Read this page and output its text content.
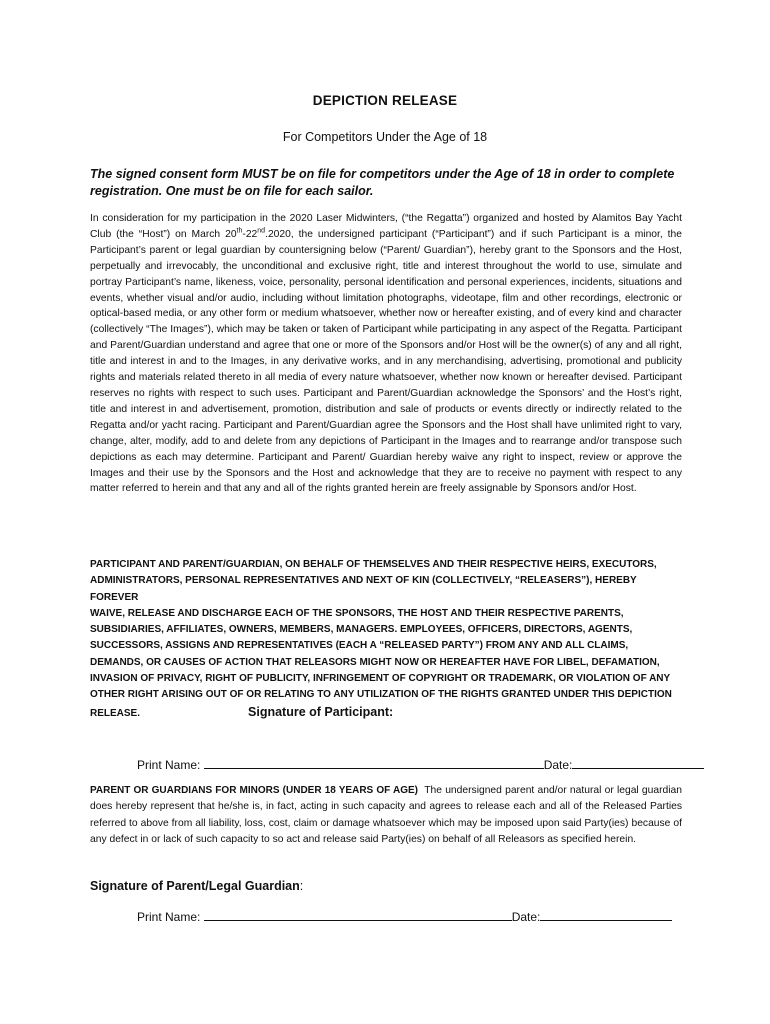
DEPICTION RELEASE
For Competitors Under the Age of 18
The signed consent form MUST be on file for competitors under the Age of 18 in order to complete registration. One must be on file for each sailor.
In consideration for my participation in the 2020 Laser Midwinters, (“the Regatta”) organized and hosted by Alamitos Bay Yacht Club (the “Host”) on March 20th-22nd.2020, the undersigned participant (“Participant”) and if such Participant is a minor, the Participant’s parent or legal guardian by countersigning below (“Parent/ Guardian”), hereby grant to the Sponsors and the Host, perpetually and irrevocably, the unconditional and exclusive right, title and interest throughout the world to use, simulate and portray Participant’s name, likeness, voice, personality, personal identification and personal experiences, incidents, situations and events, whether visual and/or audio, including without limitation photographs, videotape, film and other recordings, electronic or optical-based media, or any other form or medium whatsoever, whether now or hereafter existing, and of every kind and character (collectively “The Images”), which may be taken or taken of Participant while participating in any aspect of the Regatta. Participant and Parent/Guardian understand and agree that one or more of the Sponsors and/or Host will be the owner(s) of any and all right, title and interest in and to the Images, in any derivative works, and in any merchandising, advertising, promotional and publicity rights and materials related thereto in all media of every nature whatsoever, whether now known or hereafter devised. Participant reserves no rights with respect to such uses. Participant and Parent/Guardian acknowledge the Sponsors’ and the Host’s right, title and interest in and advertisement, promotion, distribution and sale of products or events directly or indirectly related to the Regatta and/or yacht racing. Participant and Parent/Guardian agree the Sponsors and the Host shall have unlimited right to vary, change, alter, modify, add to and delete from any depictions of Participant in the Images and to rearrange and/or transpose such depictions as each may determine. Participant and Parent/ Guardian hereby waive any right to inspect, review or approve the Images and their use by the Sponsors and the Host and acknowledge that they are to receive no payment with respect to any matter referred to herein and that any and all of the rights granted herein are freely assignable by Sponsors and/or Host.

PARTICIPANT AND PARENT/GUARDIAN, ON BEHALF OF THEMSELVES AND THEIR RESPECTIVE HEIRS, EXECUTORS, ADMINISTRATORS, PERSONAL REPRESENTATIVES AND NEXT OF KIN (COLLECTIVELY, “RELEASERS”), HEREBY FOREVER

WAIVE, RELEASE AND DISCHARGE EACH OF THE SPONSORS, THE HOST AND THEIR RESPECTIVE PARENTS, SUBSIDIARIES, AFFILIATES, OWNERS, MEMBERS, MANAGERS. EMPLOYEES, OFFICERS, DIRECTORS, AGENTS, SUCCESSORS, ASSIGNS AND REPRESENTATIVES (EACH A “RELEASED PARTY”) FROM ANY AND ALL CLAIMS, DEMANDS, OR CAUSES OF ACTION THAT RELEASORS MIGHT NOW OR HEREAFTER HAVE FOR LIBEL, DEFAMATION,

INVASION OF PRIVACY, RIGHT OF PUBLICITY, INFRINGEMENT OF COPYRIGHT OR TRADEMARK, OR VIOLATION OF ANY OTHER RIGHT ARISING OUT OF OR RELATING TO ANY UTILIZATION OF THE RIGHTS GRANTED UNDER THIS DEPICTION RELEASE.	Signature of Participant:

Print Name:	Date:
PARENT OR GUARDIANS FOR MINORS (UNDER 18 YEARS OF AGE) The undersigned parent and/or natural or legal guardian does hereby represent that he/she is, in fact, acting in such capacity and agrees to release each and all of the Released Parties referred to above from all liability, loss, cost, claim or damage whatsoever which may be imposed upon said Party(ies) because of any defect in or lack of such capacity to so act and release said Party(ies) on behalf of all Releasors as specified herein.
Signature of Parent/Legal Guardian:
Print Name:	Date:
